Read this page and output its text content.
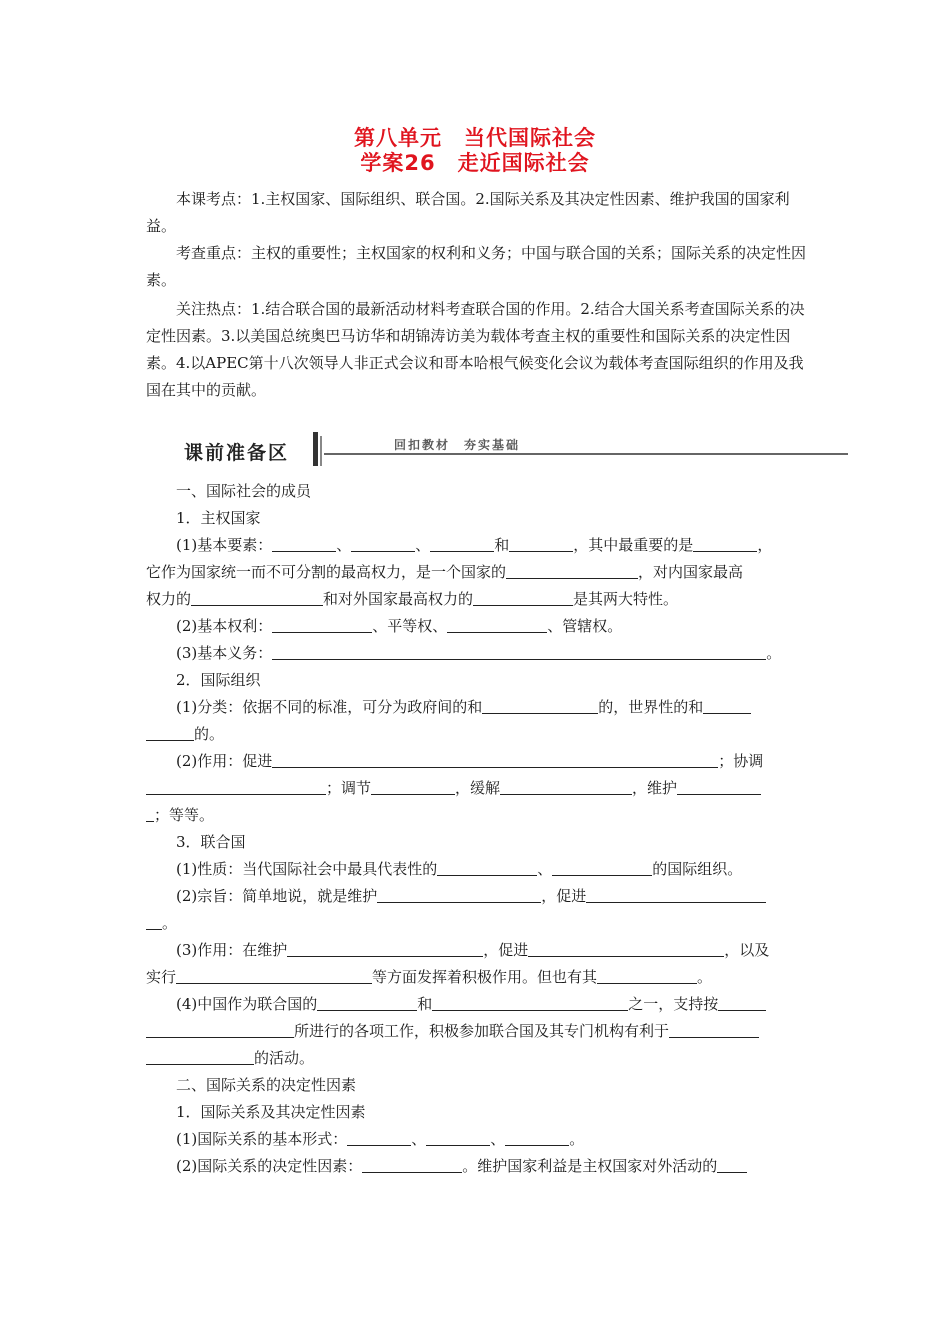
第八单元　当代国际社会
学案26　走近国际社会
本课考点：1.主权国家、国际组织、联合国。2.国际关系及其决定性因素、维护我国的国家利益。
考查重点：主权的重要性；主权国家的权利和义务；中国与联合国的关系；国际关系的决定性因素。
关注热点：1.结合联合国的最新活动材料考查联合国的作用。2.结合大国关系考查国际关系的决定性因素。3.以美国总统奥巴马访华和胡锦涛访美为载体考查主权的重要性和国际关系的决定性因素。4.以APEC第十八次领导人非正式会议和哥本哈根气候变化会议为载体考查国际组织的作用及我国在其中的贡献。
课前准备区	回扣教材　夯实基础
一、国际社会的成员
1．主权国家
(1)基本要素：	、	、	和	，其中最重要的是	，
它作为国家统一而不可分割的最高权力，是一个国家的	，对内国家最高
权力的	和对外国家最高权力的	是其两大特性。
(2)基本权利：	、平等权、	、管辖权。
(3)基本义务：	。
2．国际组织
(1)分类：依据不同的标准，可分为政府间的和	的，世界性的和
的。
(2)作用：促进	；协调
；调节	，缓解	，维护
；等等。
3．联合国
(1)性质：当代国际社会中最具代表性的	、	的国际组织。
(2)宗旨：简单地说，就是维护	，促进
。
(3)作用：在维护	，促进	，以及
实行	等方面发挥着积极作用。但也有其	。
(4)中国作为联合国的	和	之一，支持按
所进行的各项工作，积极参加联合国及其专门机构有利于
的活动。
二、国际关系的决定性因素
1．国际关系及其决定性因素
(1)国际关系的基本形式：	、	、	。
(2)国际关系的决定性因素：	。维护国家利益是主权国家对外活动的
